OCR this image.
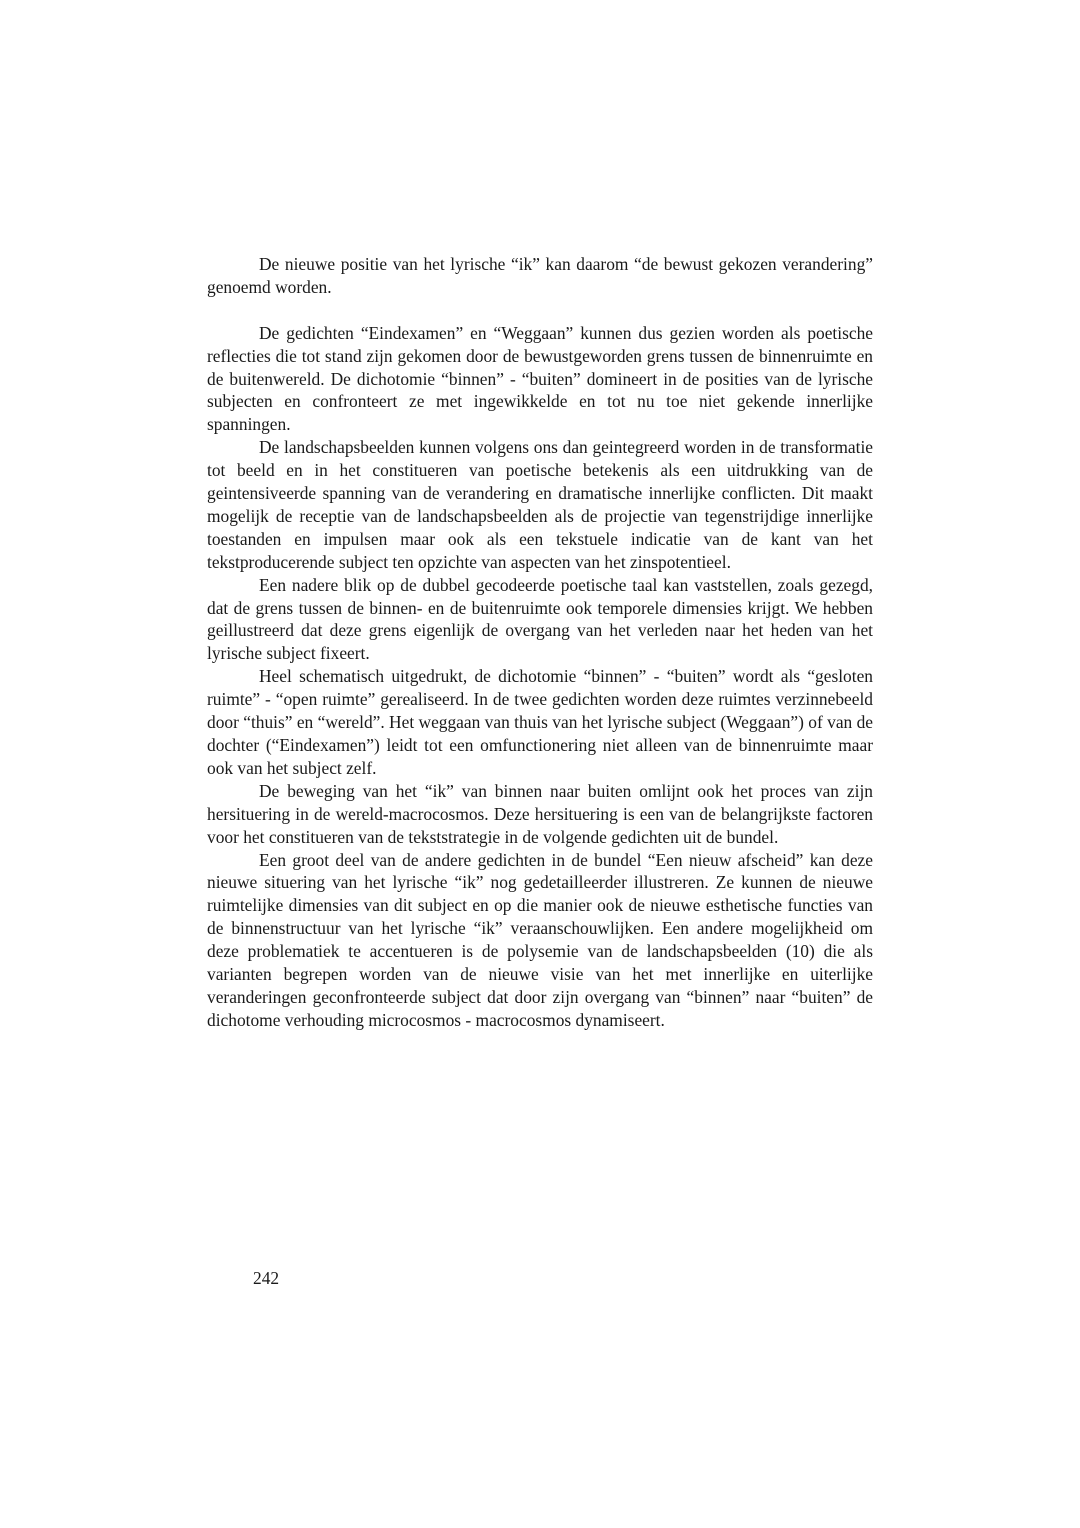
De nieuwe positie van het lyrische “ik” kan daarom “de bewust gekozen verandering” genoemd worden.

De gedichten “Eindexamen” en “Weggaan” kunnen dus gezien worden als poetische reflecties die tot stand zijn gekomen door de bewustgeworden grens tussen de binnenruimte en de buitenwereld. De dichotomie “binnen” - “buiten” domineert in de posities van de lyrische subjecten en confronteert ze met ingewikkelde en tot nu toe niet gekende innerlijke spanningen.

De landschapsbeelden kunnen volgens ons dan geintegreerd worden in de transformatie tot beeld en in het constitueren van poetische betekenis als een uitdrukking van de geintensiveerde spanning van de verandering en dramatische innerlijke conflicten. Dit maakt mogelijk de receptie van de landschapsbeelden als de projectie van tegenstrijdige innerlijke toestanden en impulsen maar ook als een tekstuele indicatie van de kant van het tekstproducerende subject ten opzichte van aspecten van het zinspotentieel.

Een nadere blik op de dubbel gecodeerde poetische taal kan vaststellen, zoals gezegd, dat de grens tussen de binnen- en de buitenruimte ook temporele dimensies krijgt. We hebben geillustreerd dat deze grens eigenlijk de overgang van het verleden naar het heden van het lyrische subject fixeert.

Heel schematisch uitgedrukt, de dichotomie “binnen” - “buiten” wordt als “gesloten ruimte” - “open ruimte” gerealiseerd. In de twee gedichten worden deze ruimtes verzinnebeeld door “thuis” en “wereld”. Het weggaan van thuis van het lyrische subject (Weggaan”) of van de dochter (“Eindexamen”) leidt tot een omfunctionering niet alleen van de binnenruimte maar ook van het subject zelf.

De beweging van het “ik” van binnen naar buiten omlijnt ook het proces van zijn hersituering in de wereld-macrocosmos. Deze hersituering is een van de belangrijkste factoren voor het constitueren van de tekststrategie in de volgende gedichten uit de bundel.

Een groot deel van de andere gedichten in de bundel “Een nieuw afscheid” kan deze nieuwe situering van het lyrische “ik” nog gedetailleerder illustreren. Ze kunnen de nieuwe ruimtelijke dimensies van dit subject en op die manier ook de nieuwe esthetische functies van de binnenstructuur van het lyrische “ik” veraanschouwlijken. Een andere mogelijkheid om deze problematiek te accentueren is de polysemie van de landschapsbeelden (10) die als varianten begrepen worden van de nieuwe visie van het met innerlijke en uiterlijke veranderingen geconfronteerde subject dat door zijn overgang van “binnen” naar “buiten” de dichotome verhouding microcosmos - macrocosmos dynamiseert.

242
